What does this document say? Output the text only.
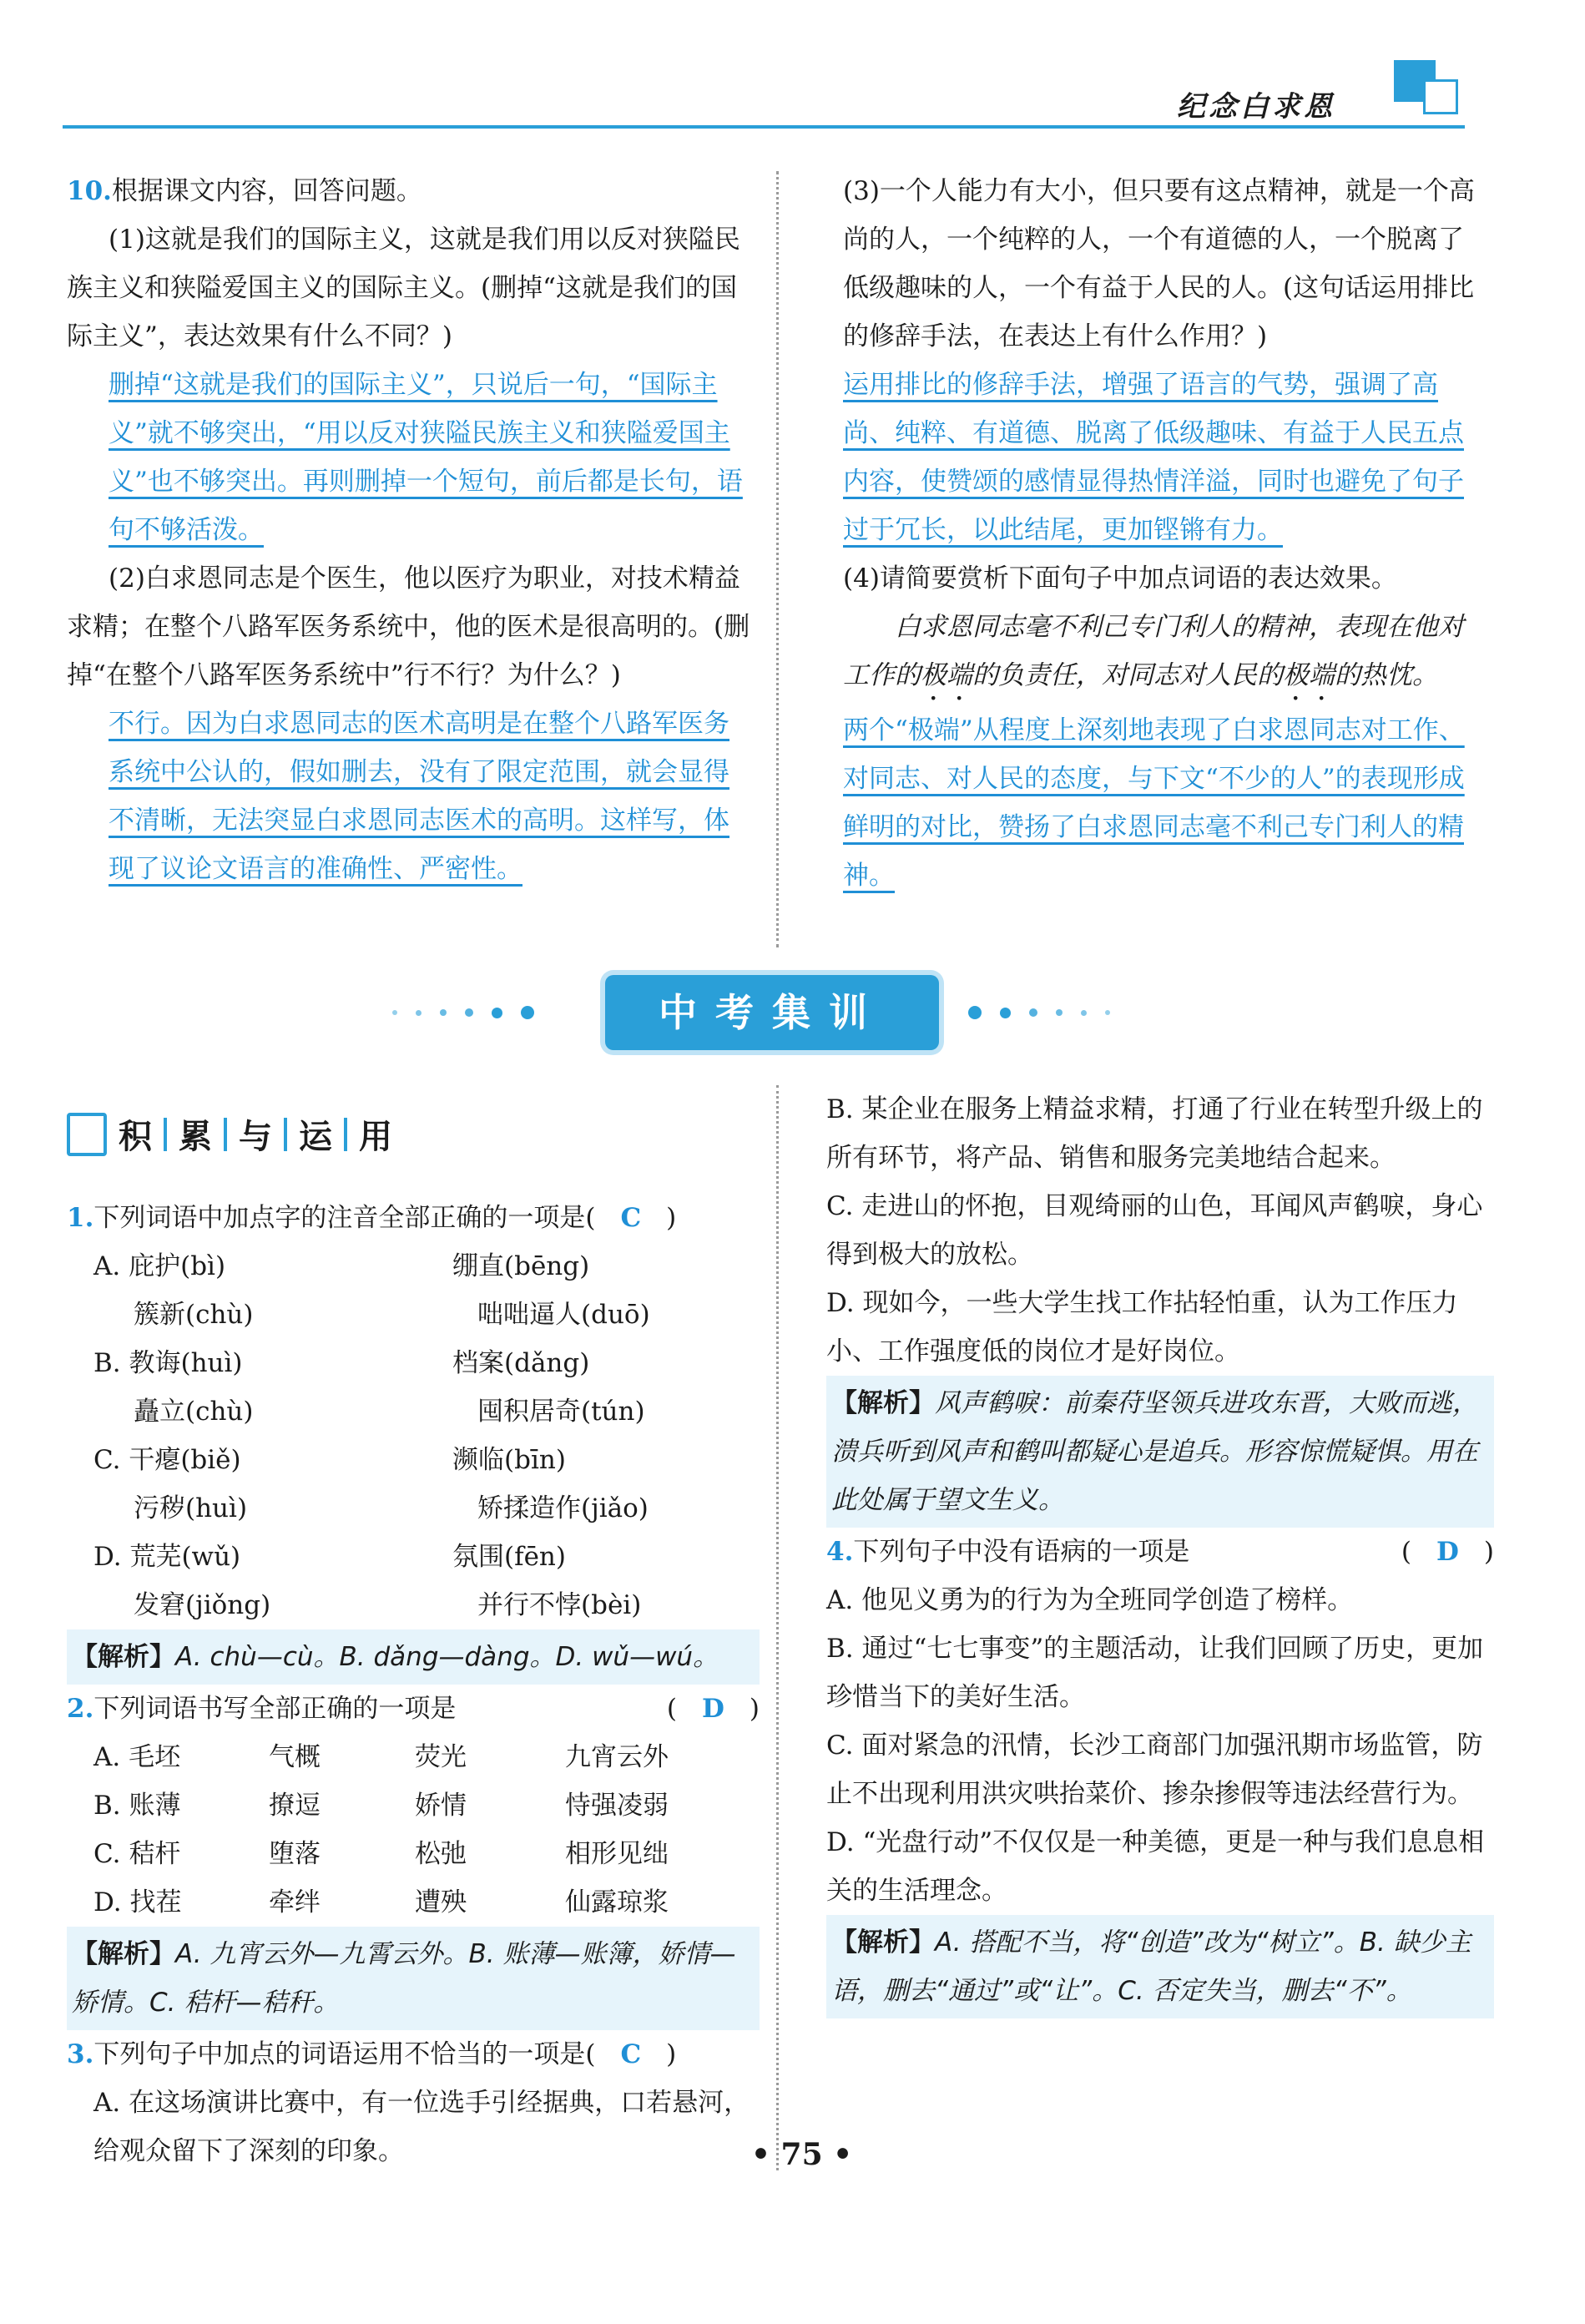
纪念白求恩

10.根据课文内容，回答问题。

(1)这就是我们的国际主义，这就是我们用以反对狭隘民族主义和狭隘爱国主义的国际主义。(删掉“这就是我们的国际主义”，表达效果有什么不同？)

删掉“这就是我们的国际主义”，只说后一句，“国际主义”就不够突出，“用以反对狭隘民族主义和狭隘爱国主义”也不够突出。再则删掉一个短句，前后都是长句，语句不够活泼。

(2)白求恩同志是个医生，他以医疗为职业，对技术精益求精；在整个八路军医务系统中，他的医术是很高明的。(删掉“在整个八路军医务系统中”行不行？为什么？)

不行。因为白求恩同志的医术高明是在整个八路军医务系统中公认的，假如删去，没有了限定范围，就会显得不清晰，无法突显白求恩同志医术的高明。这样写，体现了议论文语言的准确性、严密性。

(3)一个人能力有大小，但只要有这点精神，就是一个高尚的人，一个纯粹的人，一个有道德的人，一个脱离了低级趣味的人，一个有益于人民的人。(这句话运用排比的修辞手法，在表达上有什么作用？)

运用排比的修辞手法，增强了语言的气势，强调了高尚、纯粹、有道德、脱离了低级趣味、有益于人民五点内容，使赞颂的感情显得热情洋溢，同时也避免了句子过于冗长，以此结尾，更加铿锵有力。

(4)请简要赏析下面句子中加点词语的表达效果。

白求恩同志毫不利己专门利人的精神，表现在他对工作的极端的负责任，对同志对人民的极端的热忱。

两个“极端”从程度上深刻地表现了白求恩同志对工作、对同志、对人民的态度，与下文“不少的人”的表现形成鲜明的对比，赞扬了白求恩同志毫不利己专门利人的精神。

中考集训
积 累 与 运 用

1. 下列词语中加点字的注音全部正确的一项是( C )

A. 庇护(bì)	绷直(bēng)

簇新(chù)	咄咄逼人(duō)

B. 教诲(huì)	档案(dǎng)

矗立(chù)	囤积居奇(tún)

C. 干瘪(biě)	濒临(bīn)

污秽(huì)	矫揉造作(jiǎo)

D. 荒芜(wǔ)	氛围(fēn)

发窘(jiǒng)	并行不悖(bèi)

【解析】A. chù—cù。B. dǎng—dàng。D. wǔ—wú。

2. 下列词语书写全部正确的一项是	( D )

A. 毛坯	气概	荧光	九宵云外

B. 账薄	撩逗	娇情	恃强凌弱

C. 秸杆	堕落	松弛	相形见绌

D. 找茬	牵绊	遭殃	仙露琼浆

【解析】A. 九宵云外—九霄云外。B. 账薄—账簿，娇情—矫情。C. 秸杆—秸秆。

3. 下列句子中加点的词语运用不恰当的一项是( C )

A. 在这场演讲比赛中，有一位选手引经据典，口若悬河，给观众留下了深刻的印象。

B. 某企业在服务上精益求精，打通了行业在转型升级上的所有环节，将产品、销售和服务完美地结合起来。

C. 走进山的怀抱，目观绮丽的山色，耳闻风声鹤唳，身心得到极大的放松。

D. 现如今，一些大学生找工作拈轻怕重，认为工作压力小、工作强度低的岗位才是好岗位。

【解析】风声鹤唳：前秦苻坚领兵进攻东晋，大败而逃，溃兵听到风声和鹤叫都疑心是追兵。形容惊慌疑惧。用在此处属于望文生义。

4. 下列句子中没有语病的一项是	( D )

A. 他见义勇为的行为为全班同学创造了榜样。

B. 通过“七七事变”的主题活动，让我们回顾了历史，更加珍惜当下的美好生活。

C. 面对紧急的汛情，长沙工商部门加强汛期市场监管，防止不出现利用洪灾哄抬菜价、掺杂掺假等违法经营行为。

D. “光盘行动”不仅仅是一种美德，更是一种与我们息息相关的生活理念。

【解析】A. 搭配不当，将“创造”改为“树立”。B. 缺少主语，删去“通过”或“让”。C. 否定失当，删去“不”。

• 75 •
